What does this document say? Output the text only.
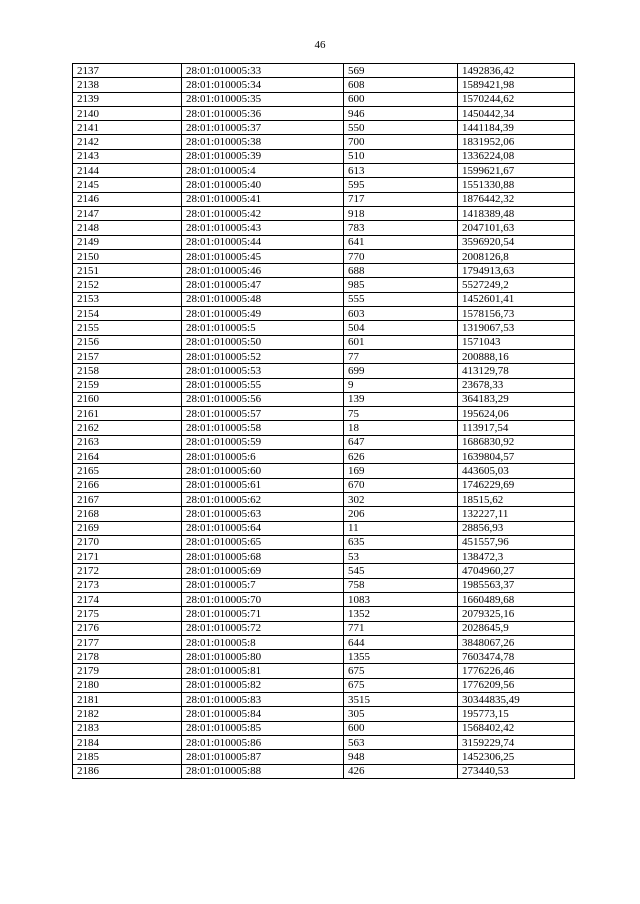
46
2137	28:01:010005:33	569	1492836,42
2138	28:01:010005:34	608	1589421,98
2139	28:01:010005:35	600	1570244,62
2140	28:01:010005:36	946	1450442,34
2141	28:01:010005:37	550	1441184,39
2142	28:01:010005:38	700	1831952,06
2143	28:01:010005:39	510	1336224,08
2144	28:01:010005:4	613	1599621,67
2145	28:01:010005:40	595	1551330,88
2146	28:01:010005:41	717	1876442,32
2147	28:01:010005:42	918	1418389,48
2148	28:01:010005:43	783	2047101,63
2149	28:01:010005:44	641	3596920,54
2150	28:01:010005:45	770	2008126,8
2151	28:01:010005:46	688	1794913,63
2152	28:01:010005:47	985	5527249,2
2153	28:01:010005:48	555	1452601,41
2154	28:01:010005:49	603	1578156,73
2155	28:01:010005:5	504	1319067,53
2156	28:01:010005:50	601	1571043
2157	28:01:010005:52	77	200888,16
2158	28:01:010005:53	699	413129,78
2159	28:01:010005:55	9	23678,33
2160	28:01:010005:56	139	364183,29
2161	28:01:010005:57	75	195624,06
2162	28:01:010005:58	18	113917,54
2163	28:01:010005:59	647	1686830,92
2164	28:01:010005:6	626	1639804,57
2165	28:01:010005:60	169	443605,03
2166	28:01:010005:61	670	1746229,69
2167	28:01:010005:62	302	18515,62
2168	28:01:010005:63	206	132227,11
2169	28:01:010005:64	11	28856,93
2170	28:01:010005:65	635	451557,96
2171	28:01:010005:68	53	138472,3
2172	28:01:010005:69	545	4704960,27
2173	28:01:010005:7	758	1985563,37
2174	28:01:010005:70	1083	1660489,68
2175	28:01:010005:71	1352	2079325,16
2176	28:01:010005:72	771	2028645,9
2177	28:01:010005:8	644	3848067,26
2178	28:01:010005:80	1355	7603474,78
2179	28:01:010005:81	675	1776226,46
2180	28:01:010005:82	675	1776209,56
2181	28:01:010005:83	3515	30344835,49
2182	28:01:010005:84	305	195773,15
2183	28:01:010005:85	600	1568402,42
2184	28:01:010005:86	563	3159229,74
2185	28:01:010005:87	948	1452306,25
2186	28:01:010005:88	426	273440,53
